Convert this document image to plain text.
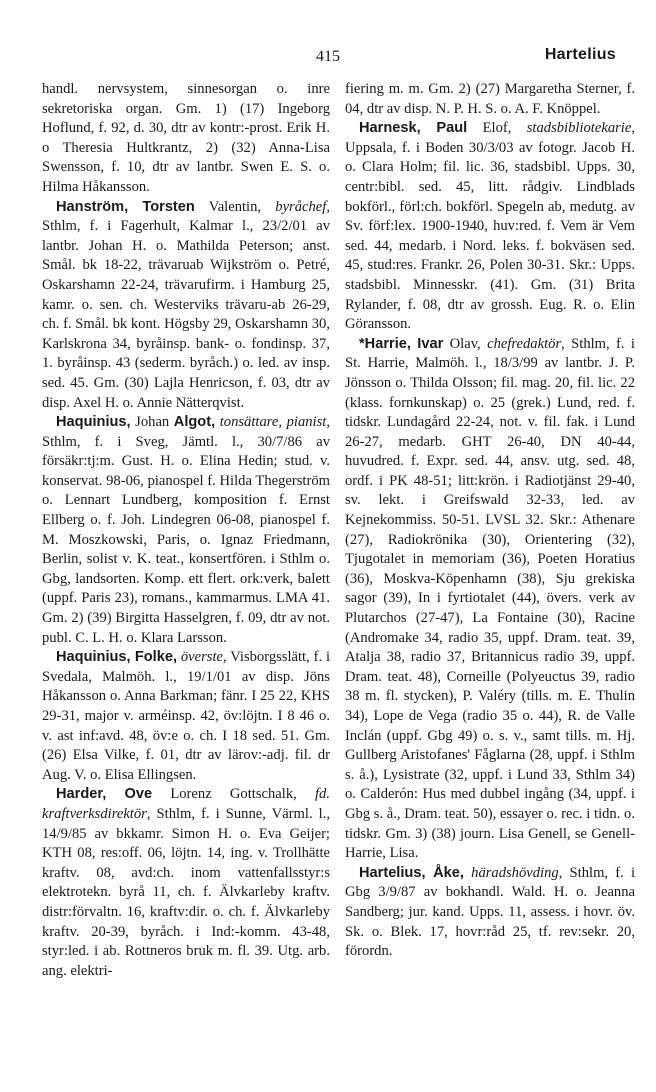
415	Hartelius

handl. nervsystem, sinnesorgan o. inre sekretoriska organ. Gm. 1) (17) Ingeborg Hoflund, f. 92, d. 30, dtr av kontr:-prost. Erik H. o Theresia Hultkrantz, 2) (32) Anna-Lisa Swensson, f. 10, dtr av lantbr. Swen E. S. o. Hilma Håkansson.

Hanström, Torsten Valentin, byråchef, Sthlm, f. i Fagerhult, Kalmar l., 23/2/01 av lantbr. Johan H. o. Mathilda Peterson; anst. Smål. bk 18-22, trävaruab Wijkström o. Petré, Oskarshamn 22-24, trävarufirm. i Hamburg 25, kamr. o. sen. ch. Westerviks trävaru-ab 26-29, ch. f. Smål. bk kont. Högsby 29, Oskarshamn 30, Karlskrona 34, byråinsp. bank- o. fondinsp. 37, 1. byråinsp. 43 (sederm. byråch.) o. led. av insp. sed. 45. Gm. (30) Lajla Henricson, f. 03, dtr av disp. Axel H. o. Annie Nätterqvist.

Haquinius, Johan Algot, tonsättare, pianist, Sthlm, f. i Sveg, Jämtl. l., 30/7/86 av försäkr:tj:m. Gust. H. o. Elina Hedin; stud. v. konservat. 98-06, pianospel f. Hilda Thegerström o. Lennart Lundberg, komposition f. Ernst Ellberg o. f. Joh. Lindegren 06-08, pianospel f. M. Moszkowski, Paris, o. Ignaz Friedmann, Berlin, solist v. K. teat., konsertfören. i Sthlm o. Gbg, landsorten. Komp. ett flert. ork:verk, balett (uppf. Paris 23), romans., kammarmus. LMA 41. Gm. 2) (39) Birgitta Hasselgren, f. 09, dtr av not. publ. C. L. H. o. Klara Larsson.

Haquinius, Folke, överste, Visborgsslätt, f. i Svedala, Malmöh. l., 19/1/01 av disp. Jöns Håkansson o. Anna Barkman; fänr. I 25 22, KHS 29-31, major v. arméinsp. 42, öv:löjtn. I 8 46 o. v. ast inf:avd. 48, öv:e o. ch. I 18 sed. 51. Gm. (26) Elsa Vilke, f. 01, dtr av lärov:-adj. fil. dr Aug. V. o. Elisa Ellingsen.

Harder, Ove Lorenz Gottschalk, fd. kraftverksdirektör, Sthlm, f. i Sunne, Värml. l., 14/9/85 av bkkamr. Simon H. o. Eva Geijer; KTH 08, res:off. 06, löjtn. 14, ing. v. Trollhätte kraftv. 08, avd:ch. inom vattenfallsstyr:s elektrotekn. byrå 11, ch. f. Älvkarleby kraftv. distr:förvaltn. 16, kraftv:dir. o. ch. f. Älvkarleby kraftv. 20-39, byråch. i Ind:-komm. 43-48, styr:led. i ab. Rottneros bruk m. fl. 39. Utg. arb. ang. elektri-

fiering m. m. Gm. 2) (27) Margaretha Sterner, f. 04, dtr av disp. N. P. H. S. o. A. F. Knöppel.

Harnesk, Paul Elof, stadsbibliotekarie, Uppsala, f. i Boden 30/3/03 av fotogr. Jacob H. o. Clara Holm; fil. lic. 36, stadsbibl. Upps. 30, centr:bibl. sed. 45, litt. rådgiv. Lindblads bokförl., förl:ch. bokförl. Spegeln ab, medutg. av Sv. förf:lex. 1900-1940, huv:red. f. Vem är Vem sed. 44, medarb. i Nord. leks. f. bokväsen sed. 45, stud:res. Frankr. 26, Polen 30-31. Skr.: Upps. stadsbibl. Minnesskr. (41). Gm. (31) Brita Rylander, f. 08, dtr av grossh. Eug. R. o. Elin Göransson.

*Harrie, Ivar Olav, chefredaktör, Sthlm, f. i St. Harrie, Malmöh. l., 18/3/99 av lantbr. J. P. Jönsson o. Thilda Olsson; fil. mag. 20, fil. lic. 22 (klass. fornkunskap) o. 25 (grek.) Lund, red. f. tidskr. Lundagård 22-24, not. v. fil. fak. i Lund 26-27, medarb. GHT 26-40, DN 40-44, huvudred. f. Expr. sed. 44, ansv. utg. sed. 48, ordf. i PK 48-51; litt:krön. i Radiotjänst 29-40, sv. lekt. i Greifswald 32-33, led. av Kejnekommiss. 50-51. LVSL 32. Skr.: Athenare (27), Radiokrönika (30), Orientering (32), Tjugotalet in memoriam (36), Poeten Horatius (36), Moskva-Köpenhamn (38), Sju grekiska sagor (39), In i fyrtiotalet (44), övers. verk av Plutarchos (27-47), La Fontaine (30), Racine (Andromake 34, radio 35, uppf. Dram. teat. 39, Atalja 38, radio 37, Britannicus radio 39, uppf. Dram. teat. 48), Corneille (Polyeuctus 39, radio 38 m. fl. stycken), P. Valéry (tills. m. E. Thulin 34), Lope de Vega (radio 35 o. 44), R. de Valle Inclán (uppf. Gbg 49) o. s. v., samt tills. m. Hj. Gullberg Aristofanes' Fåglarna (28, uppf. i Sthlm s. å.), Lysistrate (32, uppf. i Lund 33, Sthlm 34) o. Calderón: Hus med dubbel ingång (34, uppf. i Gbg s. å., Dram. teat. 50), essayer o. rec. i tidn. o. tidskr. Gm. 3) (38) journ. Lisa Genell, se Genell-Harrie, Lisa.

Hartelius, Åke, häradshövding, Sthlm, f. i Gbg 3/9/87 av bokhandl. Wald. H. o. Jeanna Sandberg; jur. kand. Upps. 11, assess. i hovr. öv. Sk. o. Blek. 17, hovr:råd 25, tf. rev:sekr. 20, förordn.
